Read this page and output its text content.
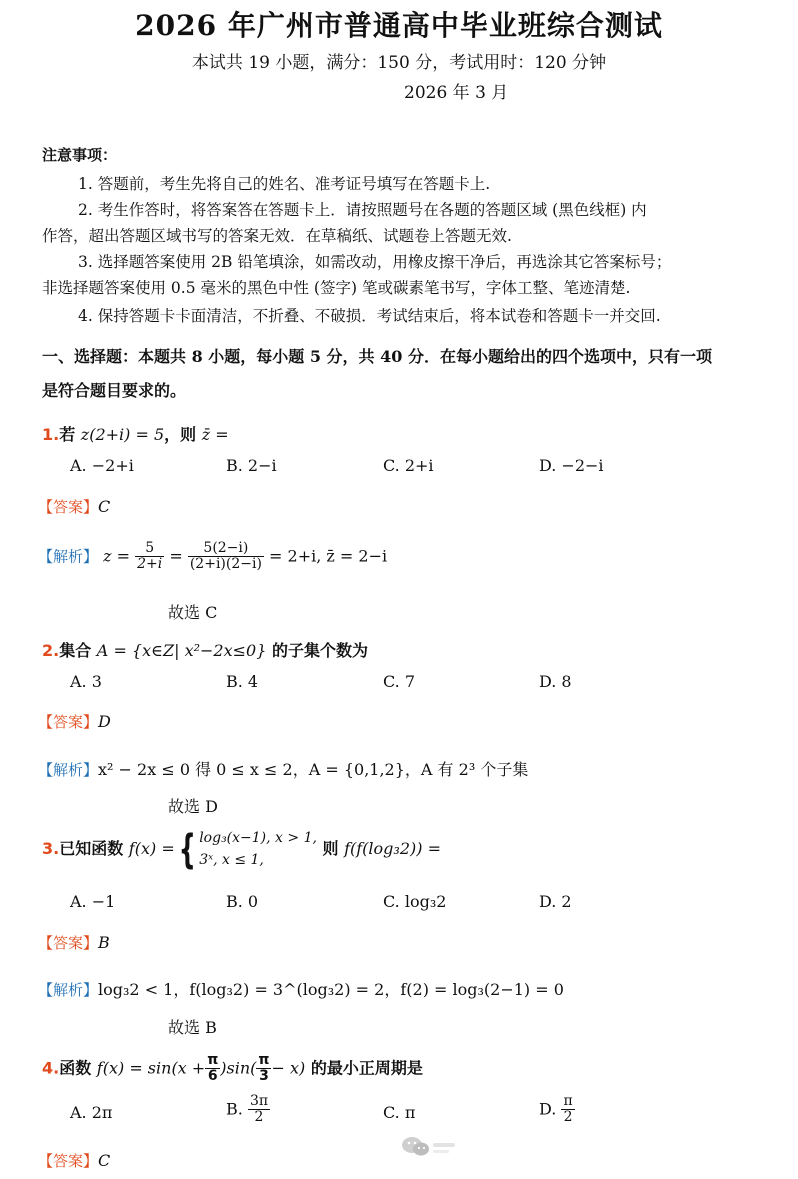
2026 年广州市普通高中毕业班综合测试
本试共 19 小题，满分：150 分，考试用时：120 分钟
2026 年 3 月
注意事项：
1. 答题前，考生先将自己的姓名、准考证号填写在答题卡上.
2. 考生作答时，将答案答在答题卡上．请按照题号在各题的答题区域 (黑色线框) 内
作答，超出答题区域书写的答案无效．在草稿纸、试题卷上答题无效.
3. 选择题答案使用 2B 铅笔填涂，如需改动，用橡皮擦干净后，再选涂其它答案标号；
非选择题答案使用 0.5 毫米的黑色中性 (签字) 笔或碳素笔书写，字体工整、笔迹清楚.
4. 保持答题卡卡面清洁，不折叠、不破损．考试结束后，将本试卷和答题卡一并交回.
一、选择题：本题共 8 小题，每小题 5 分，共 40 分．在每小题给出的四个选项中，只有一项
是符合题目要求的。
1.若 z(2+i) = 5，则 z̄ =
A. −2+i	B. 2−i	C. 2+i	D. −2−i
【答案】C
【解析】 $z = \frac{5}{2+i} = \frac{5(2-i)}{(2+i)(2-i)} = 2+i$, z̄ = 2−i
故选 C
2.集合 A = {x∈Z| x²−2x≤0} 的子集个数为
A. 3	B. 4	C. 7	D. 8
【答案】D
【解析】x² − 2x ≤ 0 得 0 ≤ x ≤ 2，A = {0,1,2}，A 有 2³ 个子集
故选 D
3.已知函数 f(x) ={ log₃(x−1), x > 1,
3ˣ, x ≤ 1,
则 f(f(log₃2)) =
A. −1	B. 0	C. log₃2	D. 2
【答案】B
【解析】log₃2 < 1，f(log₃2) = 3^(log₃2) = 2，f(2) = log₃(2−1) = 0
故选 B
4.函数 $f(x) = \sin(x + \frac{\pi}{6} )\sin( \frac{\pi}{3} - x)$ 的最小正周期是
A. 2π	B. $\frac{3\pi}{2}$	C. π	D. $\frac{\pi}{2}$
【答案】C
